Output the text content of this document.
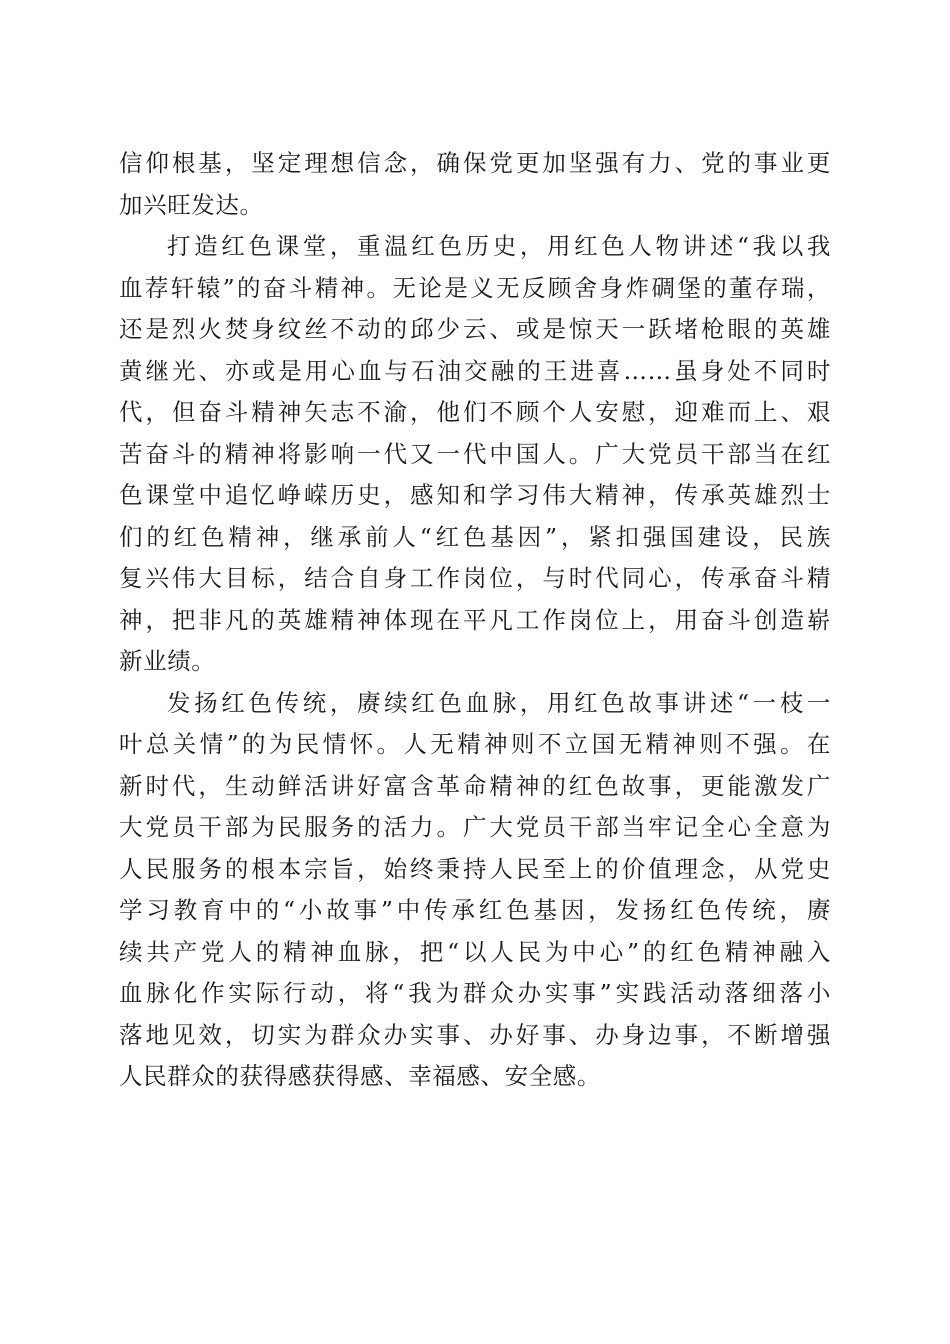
信仰根基，坚定理想信念，确保党更加坚强有力、党的事业更
加兴旺发达。
打造红色课堂，重温红色历史，用红色人物讲述“我以我
血荐轩辕”的奋斗精神。无论是义无反顾舍身炸碉堡的董存瑞，
还是烈火焚身纹丝不动的邱少云、或是惊天一跃堵枪眼的英雄
黄继光、亦或是用心血与石油交融的王进喜……虽身处不同时
代，但奋斗精神矢志不渝，他们不顾个人安慰，迎难而上、艰
苦奋斗的精神将影响一代又一代中国人。广大党员干部当在红
色课堂中追忆峥嵘历史，感知和学习伟大精神，传承英雄烈士
们的红色精神，继承前人“红色基因”，紧扣强国建设，民族
复兴伟大目标，结合自身工作岗位，与时代同心，传承奋斗精
神，把非凡的英雄精神体现在平凡工作岗位上，用奋斗创造崭
新业绩。
发扬红色传统，赓续红色血脉，用红色故事讲述“一枝一
叶总关情”的为民情怀。人无精神则不立国无精神则不强。在
新时代，生动鲜活讲好富含革命精神的红色故事，更能激发广
大党员干部为民服务的活力。广大党员干部当牢记全心全意为
人民服务的根本宗旨，始终秉持人民至上的价值理念，从党史
学习教育中的“小故事”中传承红色基因，发扬红色传统，赓
续共产党人的精神血脉，把“以人民为中心”的红色精神融入
血脉化作实际行动，将“我为群众办实事”实践活动落细落小
落地见效，切实为群众办实事、办好事、办身边事，不断增强
人民群众的获得感获得感、幸福感、安全感。
